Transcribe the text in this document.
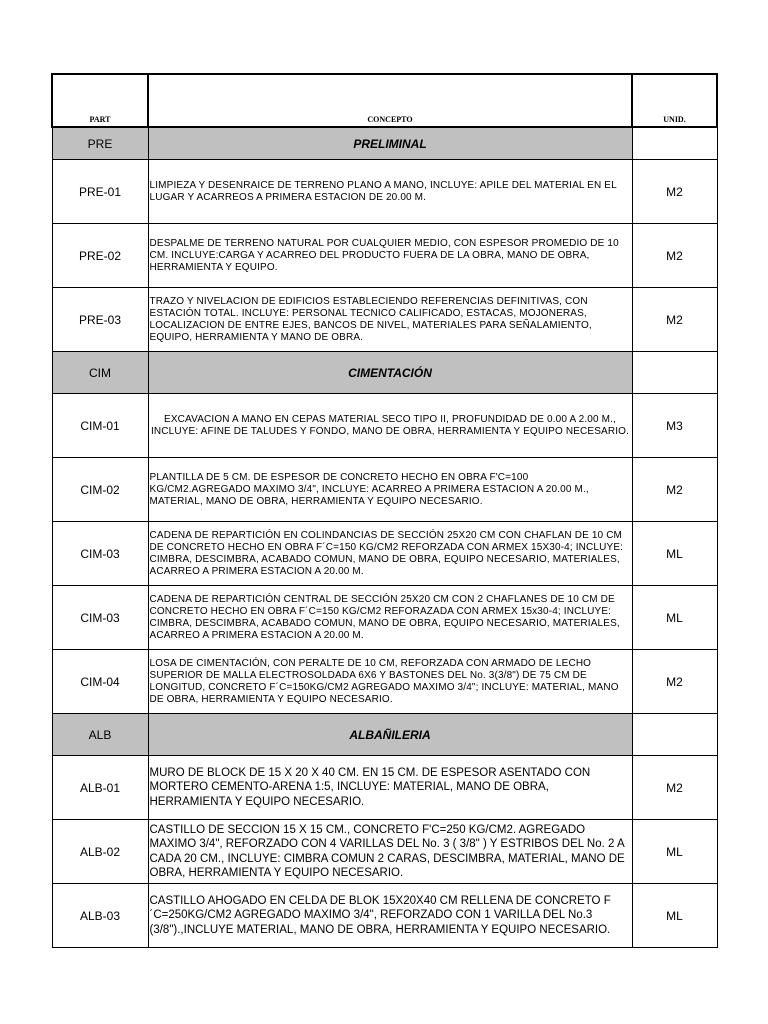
PART	CONCEPTO	UNID.
PRE	PRELIMINAL	
PRE-01	LIMPIEZA Y DESENRAICE DE TERRENO PLANO A MANO, INCLUYE: APILE DEL MATERIAL EN EL LUGAR Y ACARREOS A PRIMERA ESTACION DE 20.00 M.	M2
PRE-02	DESPALME DE TERRENO NATURAL POR CUALQUIER MEDIO, CON ESPESOR PROMEDIO DE 10 CM. INCLUYE:CARGA Y ACARREO DEL PRODUCTO FUERA DE LA OBRA, MANO DE OBRA, HERRAMIENTA Y EQUIPO.	M2
PRE-03	TRAZO Y NIVELACION DE EDIFICIOS ESTABLECIENDO REFERENCIAS DEFINITIVAS, CON ESTACIÓN TOTAL. INCLUYE: PERSONAL TECNICO CALIFICADO, ESTACAS, MOJONERAS, LOCALIZACION DE ENTRE EJES, BANCOS DE NIVEL, MATERIALES PARA SEÑALAMIENTO, EQUIPO, HERRAMIENTA Y MANO DE OBRA.	M2
CIM	CIMENTACIÓN	
CIM-01	EXCAVACION A MANO EN CEPAS MATERIAL SECO TIPO II, PROFUNDIDAD DE 0.00 A 2.00 M., INCLUYE: AFINE DE TALUDES Y FONDO, MANO DE OBRA, HERRAMIENTA Y EQUIPO NECESARIO.	M3
CIM-02	PLANTILLA DE 5 CM. DE ESPESOR DE CONCRETO HECHO EN OBRA F'C=100 KG/CM2.AGREGADO MAXIMO 3/4", INCLUYE: ACARREO A PRIMERA ESTACION A 20.00 M., MATERIAL, MANO DE OBRA, HERRAMIENTA Y EQUIPO NECESARIO.	M2
CIM-03	CADENA DE REPARTICIÓN EN COLINDANCIAS DE SECCIÓN 25X20 CM CON CHAFLAN DE 10 CM DE CONCRETO HECHO EN OBRA F´C=150 KG/CM2 REFORZADA CON ARMEX 15X30-4; INCLUYE: CIMBRA, DESCIMBRA, ACABADO COMUN, MANO DE OBRA, EQUIPO NECESARIO, MATERIALES, ACARREO A PRIMERA ESTACION A 20.00 M.	ML
CIM-03	CADENA DE REPARTICIÓN CENTRAL DE SECCIÓN 25X20 CM CON 2 CHAFLANES DE 10 CM DE CONCRETO HECHO EN OBRA F´C=150 KG/CM2 REFORAZADA CON ARMEX 15x30-4; INCLUYE: CIMBRA, DESCIMBRA, ACABADO COMUN, MANO DE OBRA, EQUIPO NECESARIO, MATERIALES, ACARREO A PRIMERA ESTACION A 20.00 M.	ML
CIM-04	LOSA DE CIMENTACIÓN, CON PERALTE DE 10 CM, REFORZADA CON ARMADO DE LECHO SUPERIOR DE MALLA ELECTROSOLDADA 6X6 Y BASTONES DEL No. 3(3/8") DE 75 CM DE LONGITUD, CONCRETO F´C=150KG/CM2 AGREGADO MAXIMO 3/4"; INCLUYE: MATERIAL, MANO DE OBRA, HERRAMIENTA Y EQUIPO NECESARIO.	M2
ALB	ALBAÑILERIA	
ALB-01	MURO DE BLOCK DE 15 X 20 X 40 CM. EN 15 CM. DE ESPESOR ASENTADO CON MORTERO CEMENTO-ARENA 1:5, INCLUYE: MATERIAL, MANO DE OBRA, HERRAMIENTA Y EQUIPO NECESARIO.	M2
ALB-02	CASTILLO DE SECCION 15 X 15 CM., CONCRETO F'C=250 KG/CM2. AGREGADO MAXIMO 3/4", REFORZADO CON 4 VARILLAS DEL No. 3 ( 3/8" ) Y ESTRIBOS DEL No. 2 A CADA 20 CM., INCLUYE: CIMBRA COMUN 2 CARAS, DESCIMBRA, MATERIAL, MANO DE OBRA, HERRAMIENTA Y EQUIPO NECESARIO.	ML
ALB-03	CASTILLO AHOGADO EN CELDA DE BLOK 15X20X40 CM RELLENA DE CONCRETO F´C=250KG/CM2 AGREGADO MAXIMO 3/4", REFORZADO CON 1 VARILLA DEL No.3 (3/8").,INCLUYE MATERIAL, MANO DE OBRA, HERRAMIENTA Y EQUIPO NECESARIO.	ML
